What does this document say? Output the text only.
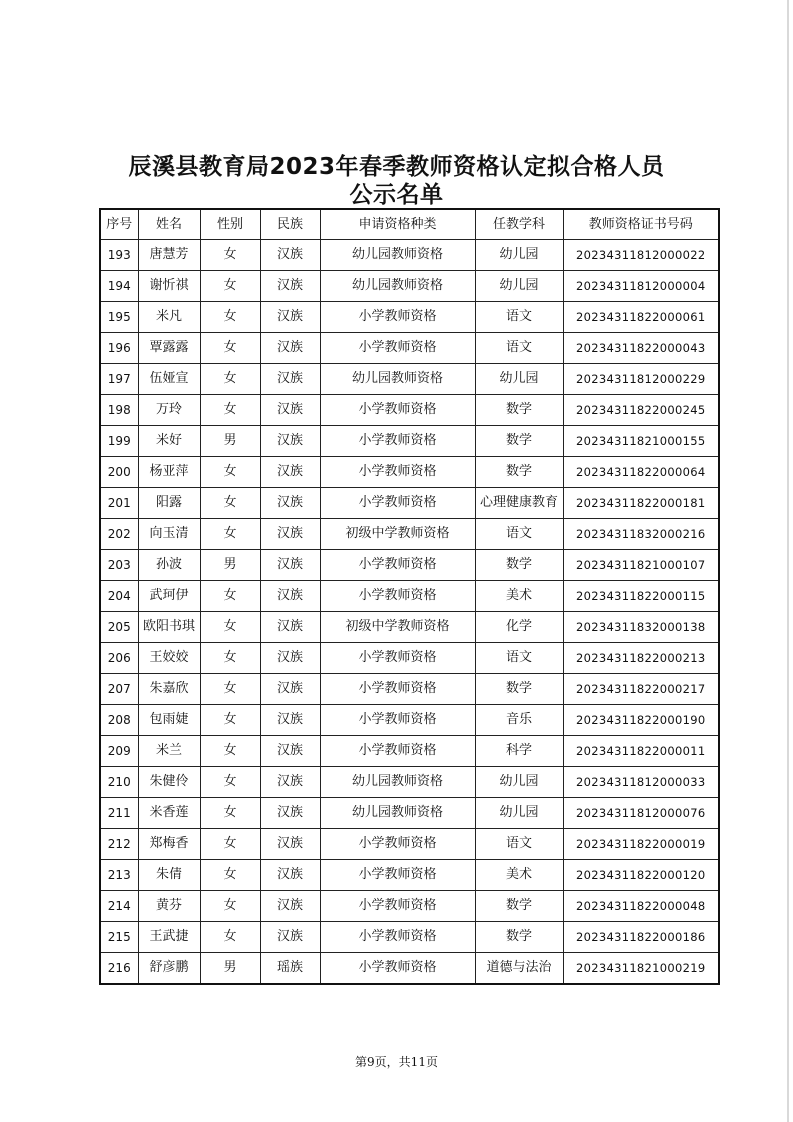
辰溪县教育局2023年春季教师资格认定拟合格人员
公示名单
序号	姓名	性别	民族	申请资格种类	任教学科	教师资格证书号码
193	唐慧芳	女	汉族	幼儿园教师资格	幼儿园	20234311812000022
194	谢忻祺	女	汉族	幼儿园教师资格	幼儿园	20234311812000004
195	米凡	女	汉族	小学教师资格	语文	20234311822000061
196	覃露露	女	汉族	小学教师资格	语文	20234311822000043
197	伍娅宣	女	汉族	幼儿园教师资格	幼儿园	20234311812000229
198	万玲	女	汉族	小学教师资格	数学	20234311822000245
199	米好	男	汉族	小学教师资格	数学	20234311821000155
200	杨亚萍	女	汉族	小学教师资格	数学	20234311822000064
201	阳露	女	汉族	小学教师资格	心理健康教育	20234311822000181
202	向玉清	女	汉族	初级中学教师资格	语文	20234311832000216
203	孙波	男	汉族	小学教师资格	数学	20234311821000107
204	武珂伊	女	汉族	小学教师资格	美术	20234311822000115
205	欧阳书琪	女	汉族	初级中学教师资格	化学	20234311832000138
206	王姣姣	女	汉族	小学教师资格	语文	20234311822000213
207	朱嘉欣	女	汉族	小学教师资格	数学	20234311822000217
208	包雨婕	女	汉族	小学教师资格	音乐	20234311822000190
209	米兰	女	汉族	小学教师资格	科学	20234311822000011
210	朱健伶	女	汉族	幼儿园教师资格	幼儿园	20234311812000033
211	米香莲	女	汉族	幼儿园教师资格	幼儿园	20234311812000076
212	郑梅香	女	汉族	小学教师资格	语文	20234311822000019
213	朱倩	女	汉族	小学教师资格	美术	20234311822000120
214	黄芬	女	汉族	小学教师资格	数学	20234311822000048
215	王武捷	女	汉族	小学教师资格	数学	20234311822000186
216	舒彦鹏	男	瑶族	小学教师资格	道德与法治	20234311821000219
第9页，共11页
